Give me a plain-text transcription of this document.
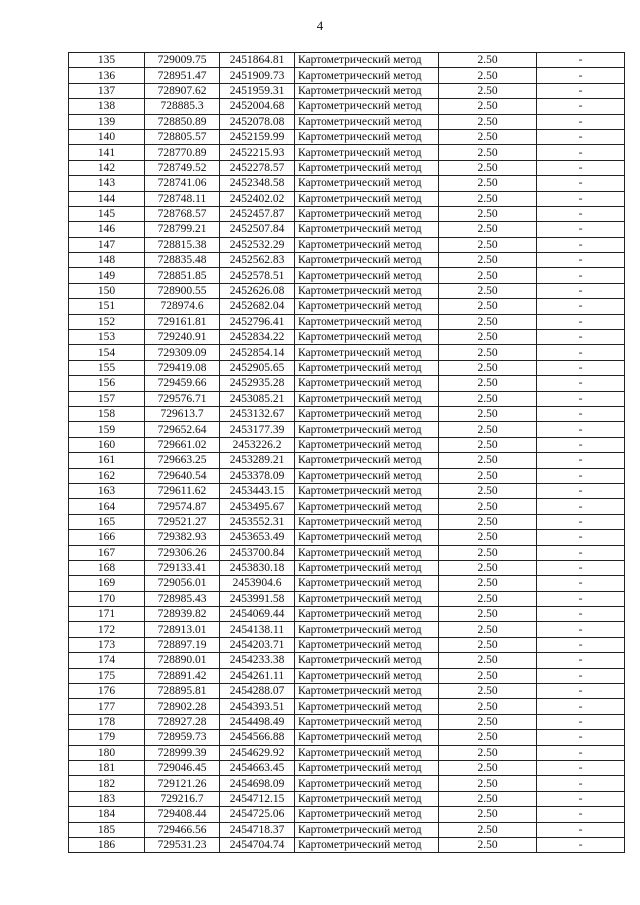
4
135	729009.75	2451864.81	Картометрический метод	2.50	-
136	728951.47	2451909.73	Картометрический метод	2.50	-
137	728907.62	2451959.31	Картометрический метод	2.50	-
138	728885.3	2452004.68	Картометрический метод	2.50	-
139	728850.89	2452078.08	Картометрический метод	2.50	-
140	728805.57	2452159.99	Картометрический метод	2.50	-
141	728770.89	2452215.93	Картометрический метод	2.50	-
142	728749.52	2452278.57	Картометрический метод	2.50	-
143	728741.06	2452348.58	Картометрический метод	2.50	-
144	728748.11	2452402.02	Картометрический метод	2.50	-
145	728768.57	2452457.87	Картометрический метод	2.50	-
146	728799.21	2452507.84	Картометрический метод	2.50	-
147	728815.38	2452532.29	Картометрический метод	2.50	-
148	728835.48	2452562.83	Картометрический метод	2.50	-
149	728851.85	2452578.51	Картометрический метод	2.50	-
150	728900.55	2452626.08	Картометрический метод	2.50	-
151	728974.6	2452682.04	Картометрический метод	2.50	-
152	729161.81	2452796.41	Картометрический метод	2.50	-
153	729240.91	2452834.22	Картометрический метод	2.50	-
154	729309.09	2452854.14	Картометрический метод	2.50	-
155	729419.08	2452905.65	Картометрический метод	2.50	-
156	729459.66	2452935.28	Картометрический метод	2.50	-
157	729576.71	2453085.21	Картометрический метод	2.50	-
158	729613.7	2453132.67	Картометрический метод	2.50	-
159	729652.64	2453177.39	Картометрический метод	2.50	-
160	729661.02	2453226.2	Картометрический метод	2.50	-
161	729663.25	2453289.21	Картометрический метод	2.50	-
162	729640.54	2453378.09	Картометрический метод	2.50	-
163	729611.62	2453443.15	Картометрический метод	2.50	-
164	729574.87	2453495.67	Картометрический метод	2.50	-
165	729521.27	2453552.31	Картометрический метод	2.50	-
166	729382.93	2453653.49	Картометрический метод	2.50	-
167	729306.26	2453700.84	Картометрический метод	2.50	-
168	729133.41	2453830.18	Картометрический метод	2.50	-
169	729056.01	2453904.6	Картометрический метод	2.50	-
170	728985.43	2453991.58	Картометрический метод	2.50	-
171	728939.82	2454069.44	Картометрический метод	2.50	-
172	728913.01	2454138.11	Картометрический метод	2.50	-
173	728897.19	2454203.71	Картометрический метод	2.50	-
174	728890.01	2454233.38	Картометрический метод	2.50	-
175	728891.42	2454261.11	Картометрический метод	2.50	-
176	728895.81	2454288.07	Картометрический метод	2.50	-
177	728902.28	2454393.51	Картометрический метод	2.50	-
178	728927.28	2454498.49	Картометрический метод	2.50	-
179	728959.73	2454566.88	Картометрический метод	2.50	-
180	728999.39	2454629.92	Картометрический метод	2.50	-
181	729046.45	2454663.45	Картометрический метод	2.50	-
182	729121.26	2454698.09	Картометрический метод	2.50	-
183	729216.7	2454712.15	Картометрический метод	2.50	-
184	729408.44	2454725.06	Картометрический метод	2.50	-
185	729466.56	2454718.37	Картометрический метод	2.50	-
186	729531.23	2454704.74	Картометрический метод	2.50	-
